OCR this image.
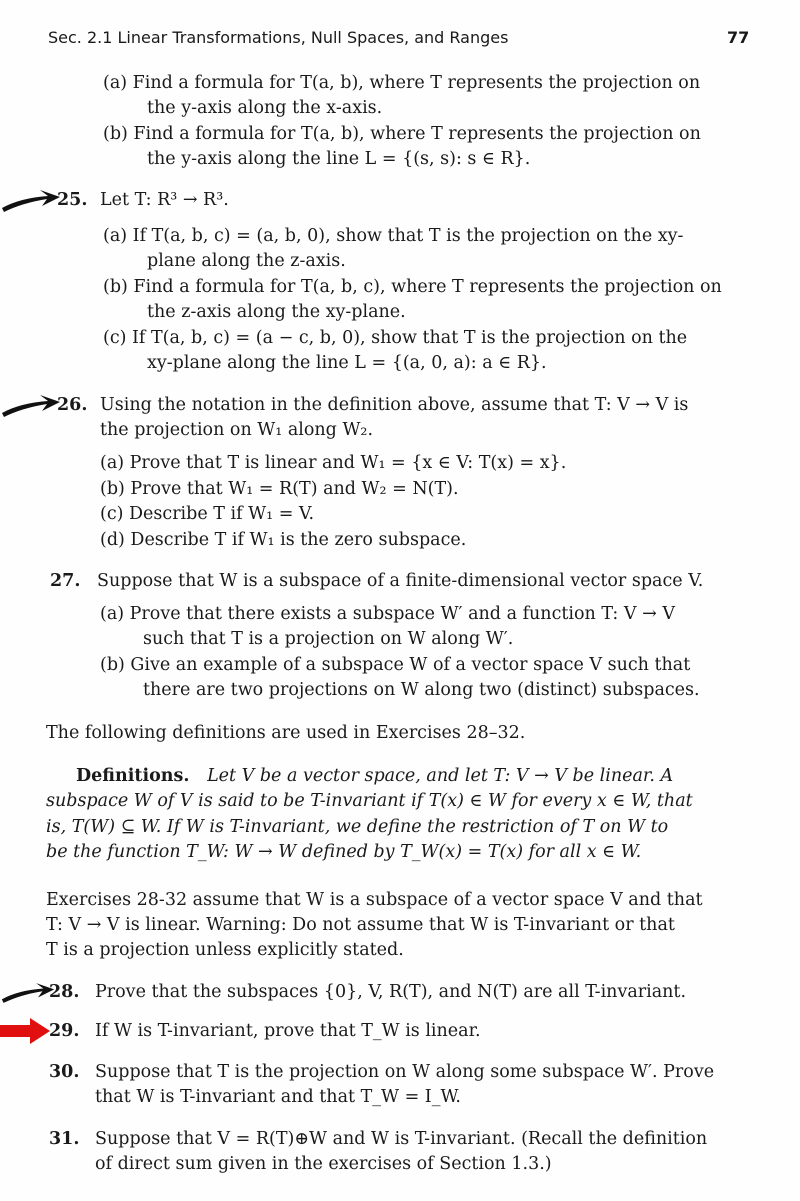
Sec. 2.1 Linear Transformations, Null Spaces, and Ranges	77
(a) Find a formula for T(a, b), where T represents the projection on
the y-axis along the x-axis.
(b) Find a formula for T(a, b), where T represents the projection on
the y-axis along the line L = {(s, s): s ∈ R}.
25. Let T: R³ → R³.
(a) If T(a, b, c) = (a, b, 0), show that T is the projection on the xy-
plane along the z-axis.
(b) Find a formula for T(a, b, c), where T represents the projection on
the z-axis along the xy-plane.
(c) If T(a, b, c) = (a − c, b, 0), show that T is the projection on the
xy-plane along the line L = {(a, 0, a): a ∈ R}.
26. Using the notation in the definition above, assume that T: V → V is
the projection on W₁ along W₂.
(a) Prove that T is linear and W₁ = {x ∈ V: T(x) = x}.
(b) Prove that W₁ = R(T) and W₂ = N(T).
(c) Describe T if W₁ = V.
(d) Describe T if W₁ is the zero subspace.
27. Suppose that W is a subspace of a finite-dimensional vector space V.
(a) Prove that there exists a subspace W′ and a function T: V → V
such that T is a projection on W along W′.
(b) Give an example of a subspace W of a vector space V such that
there are two projections on W along two (distinct) subspaces.
The following definitions are used in Exercises 28–32.
Definitions. Let V be a vector space, and let T: V → V be linear. A
subspace W of V is said to be T-invariant if T(x) ∈ W for every x ∈ W, that
is, T(W) ⊆ W. If W is T-invariant, we define the restriction of T on W to
be the function T_W: W → W defined by T_W(x) = T(x) for all x ∈ W.
Exercises 28-32 assume that W is a subspace of a vector space V and that
T: V → V is linear. Warning: Do not assume that W is T-invariant or that
T is a projection unless explicitly stated.
28. Prove that the subspaces {0}, V, R(T), and N(T) are all T-invariant.
29. If W is T-invariant, prove that T_W is linear.
30. Suppose that T is the projection on W along some subspace W′. Prove
that W is T-invariant and that T_W = I_W.
31. Suppose that V = R(T)⊕W and W is T-invariant. (Recall the definition
of direct sum given in the exercises of Section 1.3.)
